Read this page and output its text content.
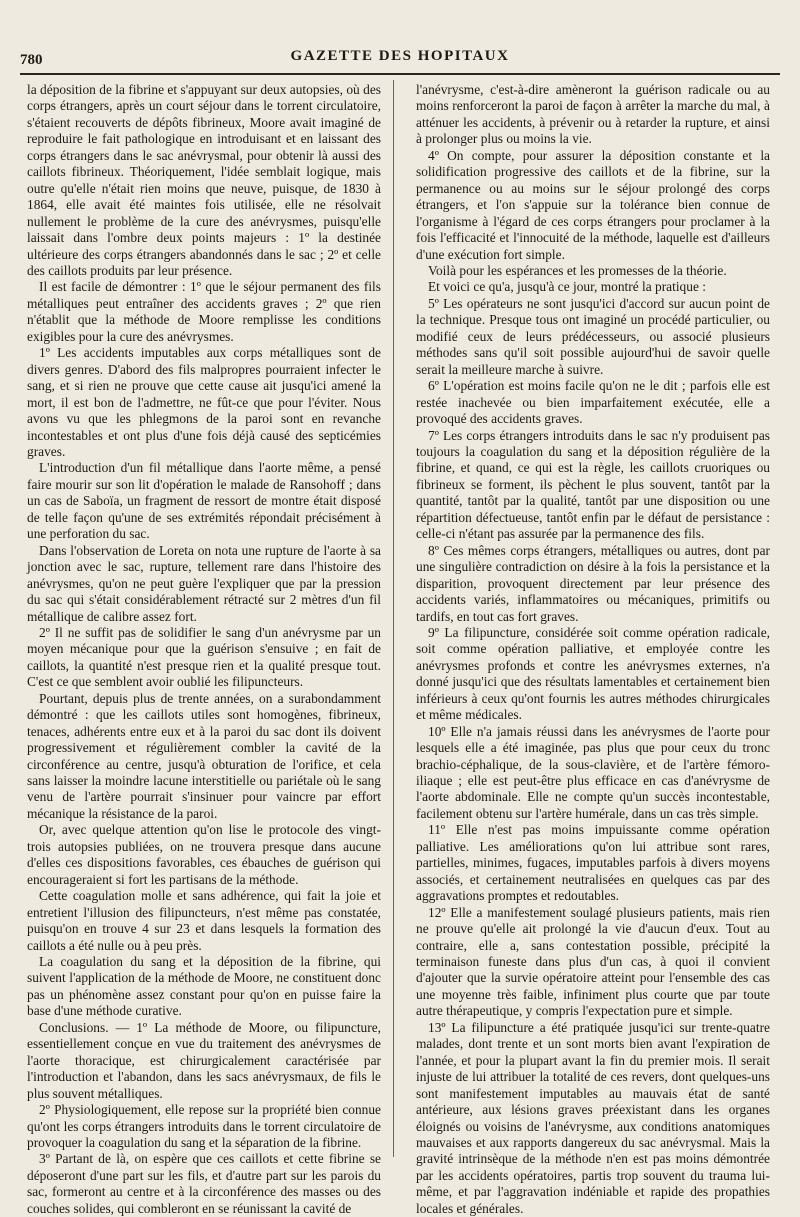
780	GAZETTE DES HOPITAUX

la déposition de la fibrine et s'appuyant sur deux autopsies, où des corps étrangers, après un court séjour dans le torrent circulatoire, s'étaient recouverts de dépôts fibrineux, Moore avait imaginé de reproduire le fait pathologique en introduisant et en laissant des corps étrangers dans le sac anévrysmal, pour obtenir là aussi des caillots fibrineux. Théoriquement, l'idée semblait logique, mais outre qu'elle n'était rien moins que neuve, puisque, de 1830 à 1864, elle avait été maintes fois utilisée, elle ne résolvait nullement le problème de la cure des anévrysmes, puisqu'elle laissait dans l'ombre deux points majeurs : 1º la destinée ultérieure des corps étrangers abandonnés dans le sac ; 2º et celle des caillots produits par leur présence.

Il est facile de démontrer : 1º que le séjour permanent des fils métalliques peut entraîner des accidents graves ; 2º que rien n'établit que la méthode de Moore remplisse les conditions exigibles pour la cure des anévrysmes.

1º Les accidents imputables aux corps métalliques sont de divers genres. D'abord des fils malpropres pourraient infecter le sang, et si rien ne prouve que cette cause ait jusqu'ici amené la mort, il est bon de l'admettre, ne fût-ce que pour l'éviter. Nous avons vu que les phlegmons de la paroi sont en revanche incontestables et ont plus d'une fois déjà causé des septicémies graves.

L'introduction d'un fil métallique dans l'aorte même, a pensé faire mourir sur son lit d'opération le malade de Ransohoff ; dans un cas de Saboïa, un fragment de ressort de montre était disposé de telle façon qu'une de ses extrémités répondait précisément à une perforation du sac.

Dans l'observation de Loreta on nota une rupture de l'aorte à sa jonction avec le sac, rupture, tellement rare dans l'histoire des anévrysmes, qu'on ne peut guère l'expliquer que par la pression du sac qui s'était considérablement rétracté sur 2 mètres d'un fil métallique de calibre assez fort.

2º Il ne suffit pas de solidifier le sang d'un anévrysme par un moyen mécanique pour que la guérison s'ensuive ; en fait de caillots, la quantité n'est presque rien et la qualité presque tout. C'est ce que semblent avoir oublié les filipuncteurs.

Pourtant, depuis plus de trente années, on a surabondamment démontré : que les caillots utiles sont homogènes, fibrineux, tenaces, adhérents entre eux et à la paroi du sac dont ils doivent progressivement et régulièrement combler la cavité de la circonférence au centre, jusqu'à obturation de l'orifice, et cela sans laisser la moindre lacune interstitielle ou pariétale où le sang venu de l'artère pourrait s'insinuer pour vaincre par effort mécanique la résistance de la paroi.

Or, avec quelque attention qu'on lise le protocole des vingt-trois autopsies publiées, on ne trouvera presque dans aucune d'elles ces dispositions favorables, ces ébauches de guérison qui encourageraient si fort les partisans de la méthode.

Cette coagulation molle et sans adhérence, qui fait la joie et entretient l'illusion des filipuncteurs, n'est même pas constatée, puisqu'on en trouve 4 sur 23 et dans lesquels la formation des caillots a été nulle ou à peu près.

La coagulation du sang et la déposition de la fibrine, qui suivent l'application de la méthode de Moore, ne constituent donc pas un phénomène assez constant pour qu'on en puisse faire la base d'une méthode curative.

Conclusions. — 1º La méthode de Moore, ou filipuncture, essentiellement conçue en vue du traitement des anévrysmes de l'aorte thoracique, est chirurgicalement caractérisée par l'introduction et l'abandon, dans les sacs anévrysmaux, de fils le plus souvent métalliques.

2º Physiologiquement, elle repose sur la propriété bien connue qu'ont les corps étrangers introduits dans le torrent circulatoire de provoquer la coagulation du sang et la séparation de la fibrine.

3º Partant de là, on espère que ces caillots et cette fibrine se déposeront d'une part sur les fils, et d'autre part sur les parois du sac, formeront au centre et à la circonférence des masses ou des couches solides, qui combleront en se réunissant la cavité de

l'anévrysme, c'est-à-dire amèneront la guérison radicale ou au moins renforceront la paroi de façon à arrêter la marche du mal, à atténuer les accidents, à prévenir ou à retarder la rupture, et ainsi à prolonger plus ou moins la vie.

4º On compte, pour assurer la déposition constante et la solidification progressive des caillots et de la fibrine, sur la permanence ou au moins sur le séjour prolongé des corps étrangers, et l'on s'appuie sur la tolérance bien connue de l'organisme à l'égard de ces corps étrangers pour proclamer à la fois l'efficacité et l'innocuité de la méthode, laquelle est d'ailleurs d'une exécution fort simple.

Voilà pour les espérances et les promesses de la théorie.

Et voici ce qu'a, jusqu'à ce jour, montré la pratique :

5º Les opérateurs ne sont jusqu'ici d'accord sur aucun point de la technique. Presque tous ont imaginé un procédé particulier, ou modifié ceux de leurs prédécesseurs, ou associé plusieurs méthodes sans qu'il soit possible aujourd'hui de savoir quelle serait la meilleure marche à suivre.

6º L'opération est moins facile qu'on ne le dit ; parfois elle est restée inachevée ou bien imparfaitement exécutée, elle a provoqué des accidents graves.

7º Les corps étrangers introduits dans le sac n'y produisent pas toujours la coagulation du sang et la déposition régulière de la fibrine, et quand, ce qui est la règle, les caillots cruoriques ou fibrineux se forment, ils pèchent le plus souvent, tantôt par la quantité, tantôt par la qualité, tantôt par une disposition ou une répartition défectueuse, tantôt enfin par le défaut de persistance : celle-ci n'étant pas assurée par la permanence des fils.

8º Ces mêmes corps étrangers, métalliques ou autres, dont par une singulière contradiction on désire à la fois la persistance et la disparition, provoquent directement par leur présence des accidents variés, inflammatoires ou mécaniques, primitifs ou tardifs, en tout cas fort graves.

9º La filipuncture, considérée soit comme opération radicale, soit comme opération palliative, et employée contre les anévrysmes profonds et contre les anévrysmes externes, n'a donné jusqu'ici que des résultats lamentables et certainement bien inférieurs à ceux qu'ont fournis les autres méthodes chirurgicales et même médicales.

10º Elle n'a jamais réussi dans les anévrysmes de l'aorte pour lesquels elle a été imaginée, pas plus que pour ceux du tronc brachio-céphalique, de la sous-clavière, et de l'artère fémoro-iliaque ; elle est peut-être plus efficace en cas d'anévrysme de l'aorte abdominale. Elle ne compte qu'un succès incontestable, facilement obtenu sur l'artère humérale, dans un cas très simple.

11º Elle n'est pas moins impuissante comme opération palliative. Les améliorations qu'on lui attribue sont rares, partielles, minimes, fugaces, imputables parfois à divers moyens associés, et certainement neutralisées en quelques cas par des aggravations promptes et redoutables.

12º Elle a manifestement soulagé plusieurs patients, mais rien ne prouve qu'elle ait prolongé la vie d'aucun d'eux. Tout au contraire, elle a, sans contestation possible, précipité la terminaison funeste dans plus d'un cas, à quoi il convient d'ajouter que la survie opératoire atteint pour l'ensemble des cas une moyenne très faible, infiniment plus courte que par toute autre thérapeutique, y compris l'expectation pure et simple.

13º La filipuncture a été pratiquée jusqu'ici sur trente-quatre malades, dont trente et un sont morts bien avant l'expiration de l'année, et pour la plupart avant la fin du premier mois. Il serait injuste de lui attribuer la totalité de ces revers, dont quelques-uns sont manifestement imputables au mauvais état de santé antérieure, aux lésions graves préexistant dans les organes éloignés ou voisins de l'anévrysme, aux conditions anatomiques mauvaises et aux rapports dangereux du sac anévrysmal. Mais la gravité intrinsèque de la méthode n'en est pas moins démontrée par les accidents opératoires, partis trop souvent du trauma lui-même, et par l'aggravation indéniable et rapide des propathies locales et générales.
